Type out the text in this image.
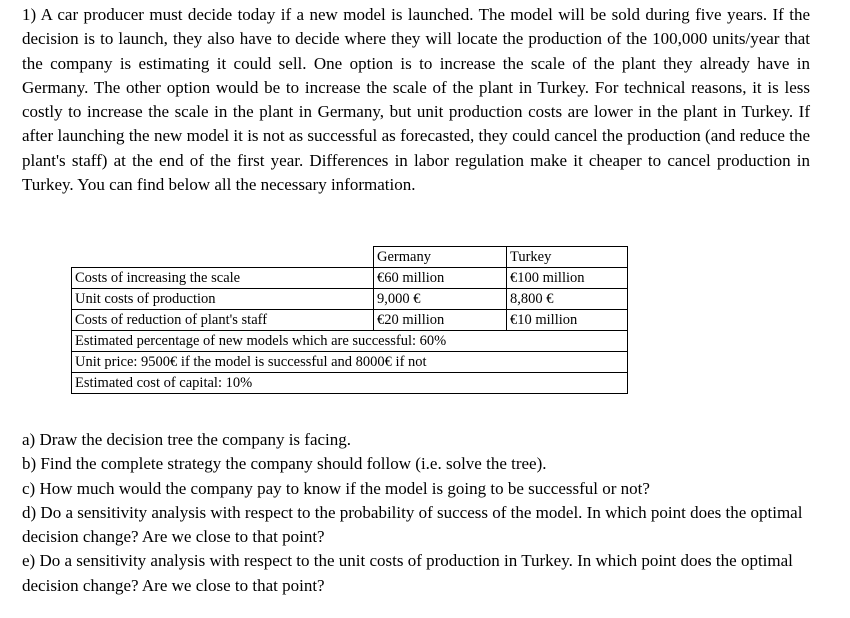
1) A car producer must decide today if a new model is launched. The model will be sold during five years. If the decision is to launch, they also have to decide where they will locate the production of the 100,000 units/year that the company is estimating it could sell. One option is to increase the scale of the plant they already have in Germany. The other option would be to increase the scale of the plant in Turkey. For technical reasons, it is less costly to increase the scale in the plant in Germany, but unit production costs are lower in the plant in Turkey. If after launching the new model it is not as successful as forecasted, they could cancel the production (and reduce the plant's staff) at the end of the first year. Differences in labor regulation make it cheaper to cancel production in Turkey. You can find below all the necessary information.

	Germany	Turkey
Costs of increasing the scale	€60 million	€100 million
Unit costs of production	9,000 €	8,800 €
Costs of reduction of plant's staff	€20 million	€10 million
Estimated percentage of new models which are successful: 60%		
Unit price: 9500€ if the model is successful and 8000€ if not		
Estimated cost of capital: 10%		

a) Draw the decision tree the company is facing.

b) Find the complete strategy the company should follow (i.e. solve the tree).

c) How much would the company pay to know if the model is going to be successful or not?

d) Do a sensitivity analysis with respect to the probability of success of the model. In which point does the optimal decision change? Are we close to that point?

e) Do a sensitivity analysis with respect to the unit costs of production in Turkey. In which point does the optimal decision change? Are we close to that point?
